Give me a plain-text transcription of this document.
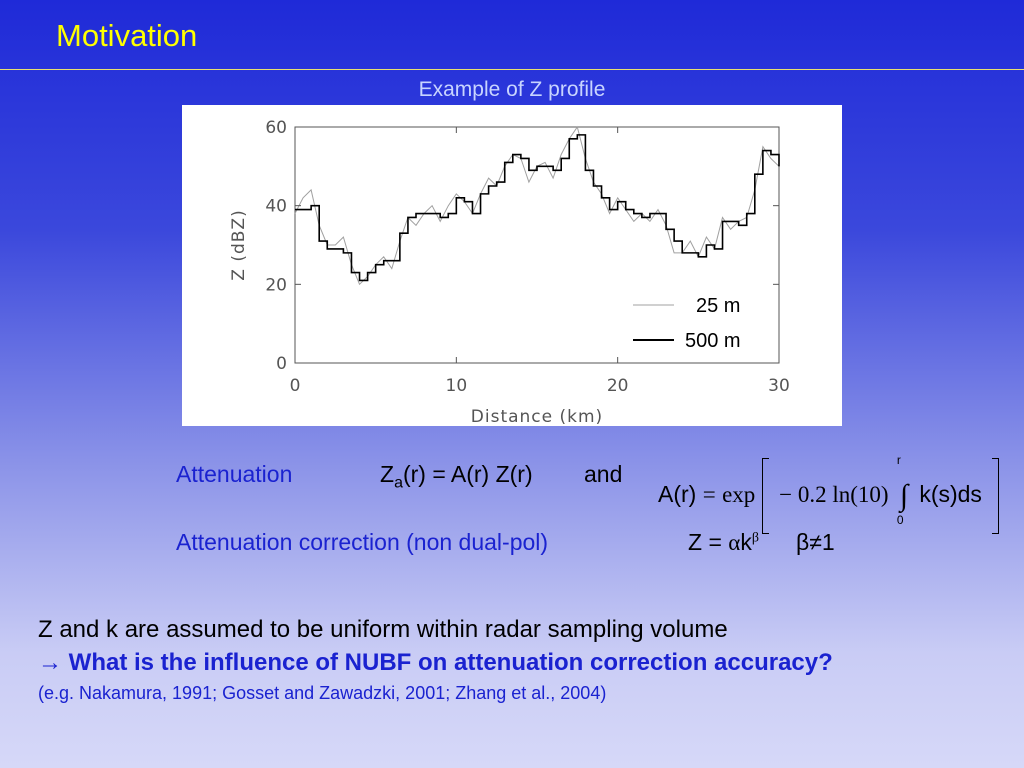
Motivation
Example of Z profile
0	10	20	30
0
20
40
60
Distance (km)
Z (dBZ)
25 m
500 m
Attenuation	$Z_a(r) = A(r)$ Z(r) and
A(r) = exp − 0.2 ln(10)
r
∫
0
k(s)ds
Attenuation correction (non dual-pol)	$Z = \alpha k^\beta$ β≠1
Z and k are assumed to be uniform within radar sampling volume
→ What is the influence of NUBF on attenuation correction accuracy?
(e.g. Nakamura, 1991; Gosset and Zawadzki, 2001; Zhang et al., 2004)
